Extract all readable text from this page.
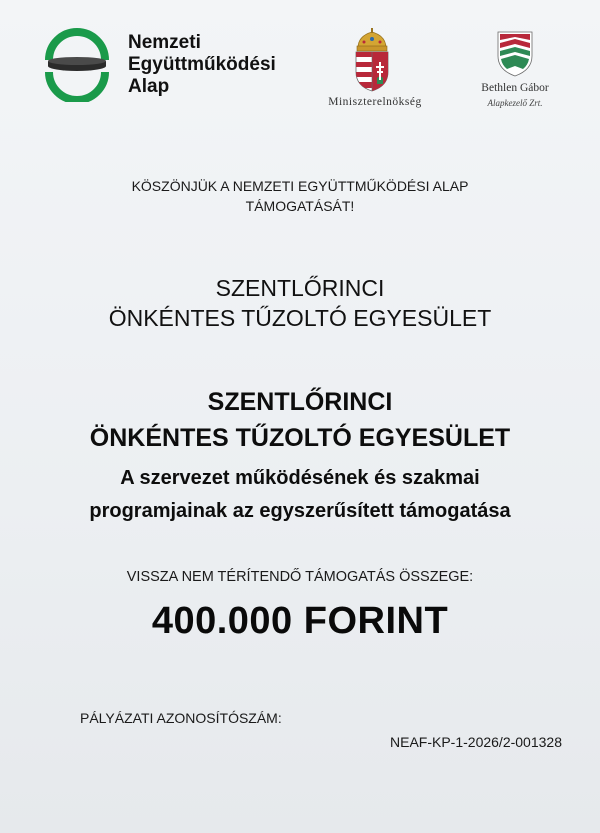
Nemzeti
Együttműködési
Alap
Miniszterelnökség
Bethlen Gábor
Alapkezelő Zrt.
KÖSZÖNJÜK A NEMZETI EGYÜTTMŰKÖDÉSI ALAP
TÁMOGATÁSÁT!
SZENTLŐRINCI
ÖNKÉNTES TŰZOLTÓ EGYESÜLET
SZENTLŐRINCI
ÖNKÉNTES TŰZOLTÓ EGYESÜLET
A szervezet működésének és szakmai
programjainak az egyszerűsített támogatása
VISSZA NEM TÉRÍTENDŐ TÁMOGATÁS ÖSSZEGE:
400.000 FORINT
PÁLYÁZATI AZONOSÍTÓSZÁM:
NEAF-KP-1-2026/2-001328
